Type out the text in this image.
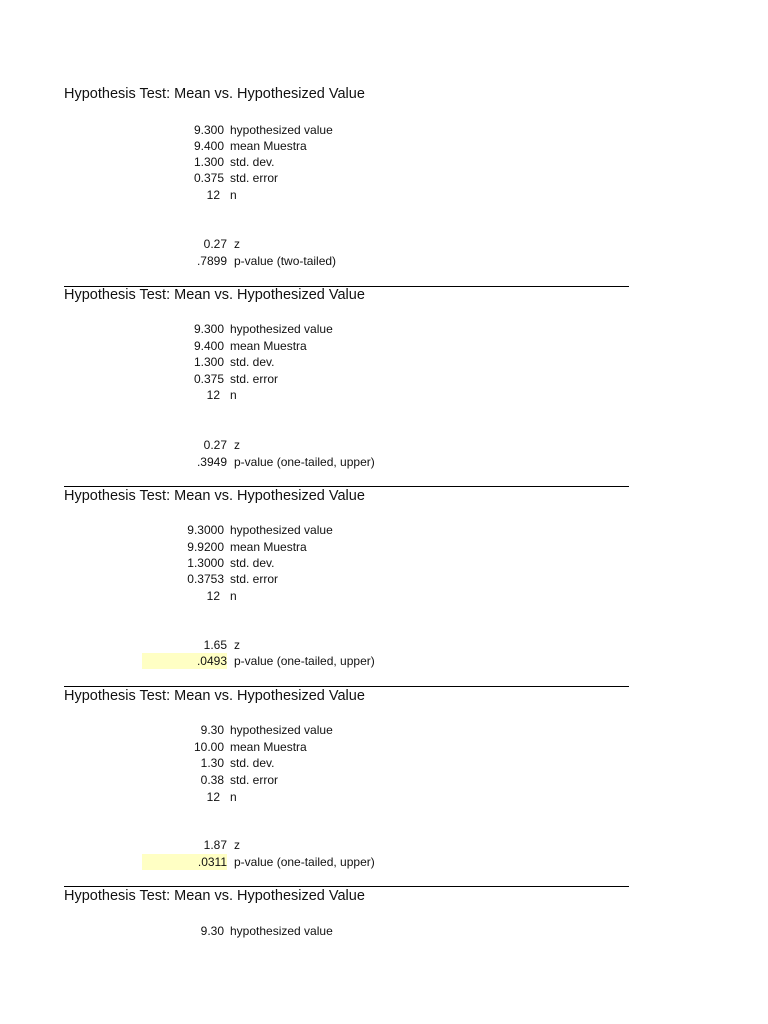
Hypothesis Test: Mean vs. Hypothesized Value
9.300 hypothesized value
9.400 mean Muestra
1.300 std. dev.
0.375 std. error
12 n
0.27 z
.7899 p-value (two-tailed)
Hypothesis Test: Mean vs. Hypothesized Value
9.300 hypothesized value
9.400 mean Muestra
1.300 std. dev.
0.375 std. error
12 n
0.27 z
.3949 p-value (one-tailed, upper)
Hypothesis Test: Mean vs. Hypothesized Value
9.3000 hypothesized value
9.9200 mean Muestra
1.3000 std. dev.
0.3753 std. error
12 n
1.65 z
.0493 p-value (one-tailed, upper)
Hypothesis Test: Mean vs. Hypothesized Value
9.30 hypothesized value
10.00 mean Muestra
1.30 std. dev.
0.38 std. error
12 n
1.87 z
.0311 p-value (one-tailed, upper)
Hypothesis Test: Mean vs. Hypothesized Value
9.30 hypothesized value
